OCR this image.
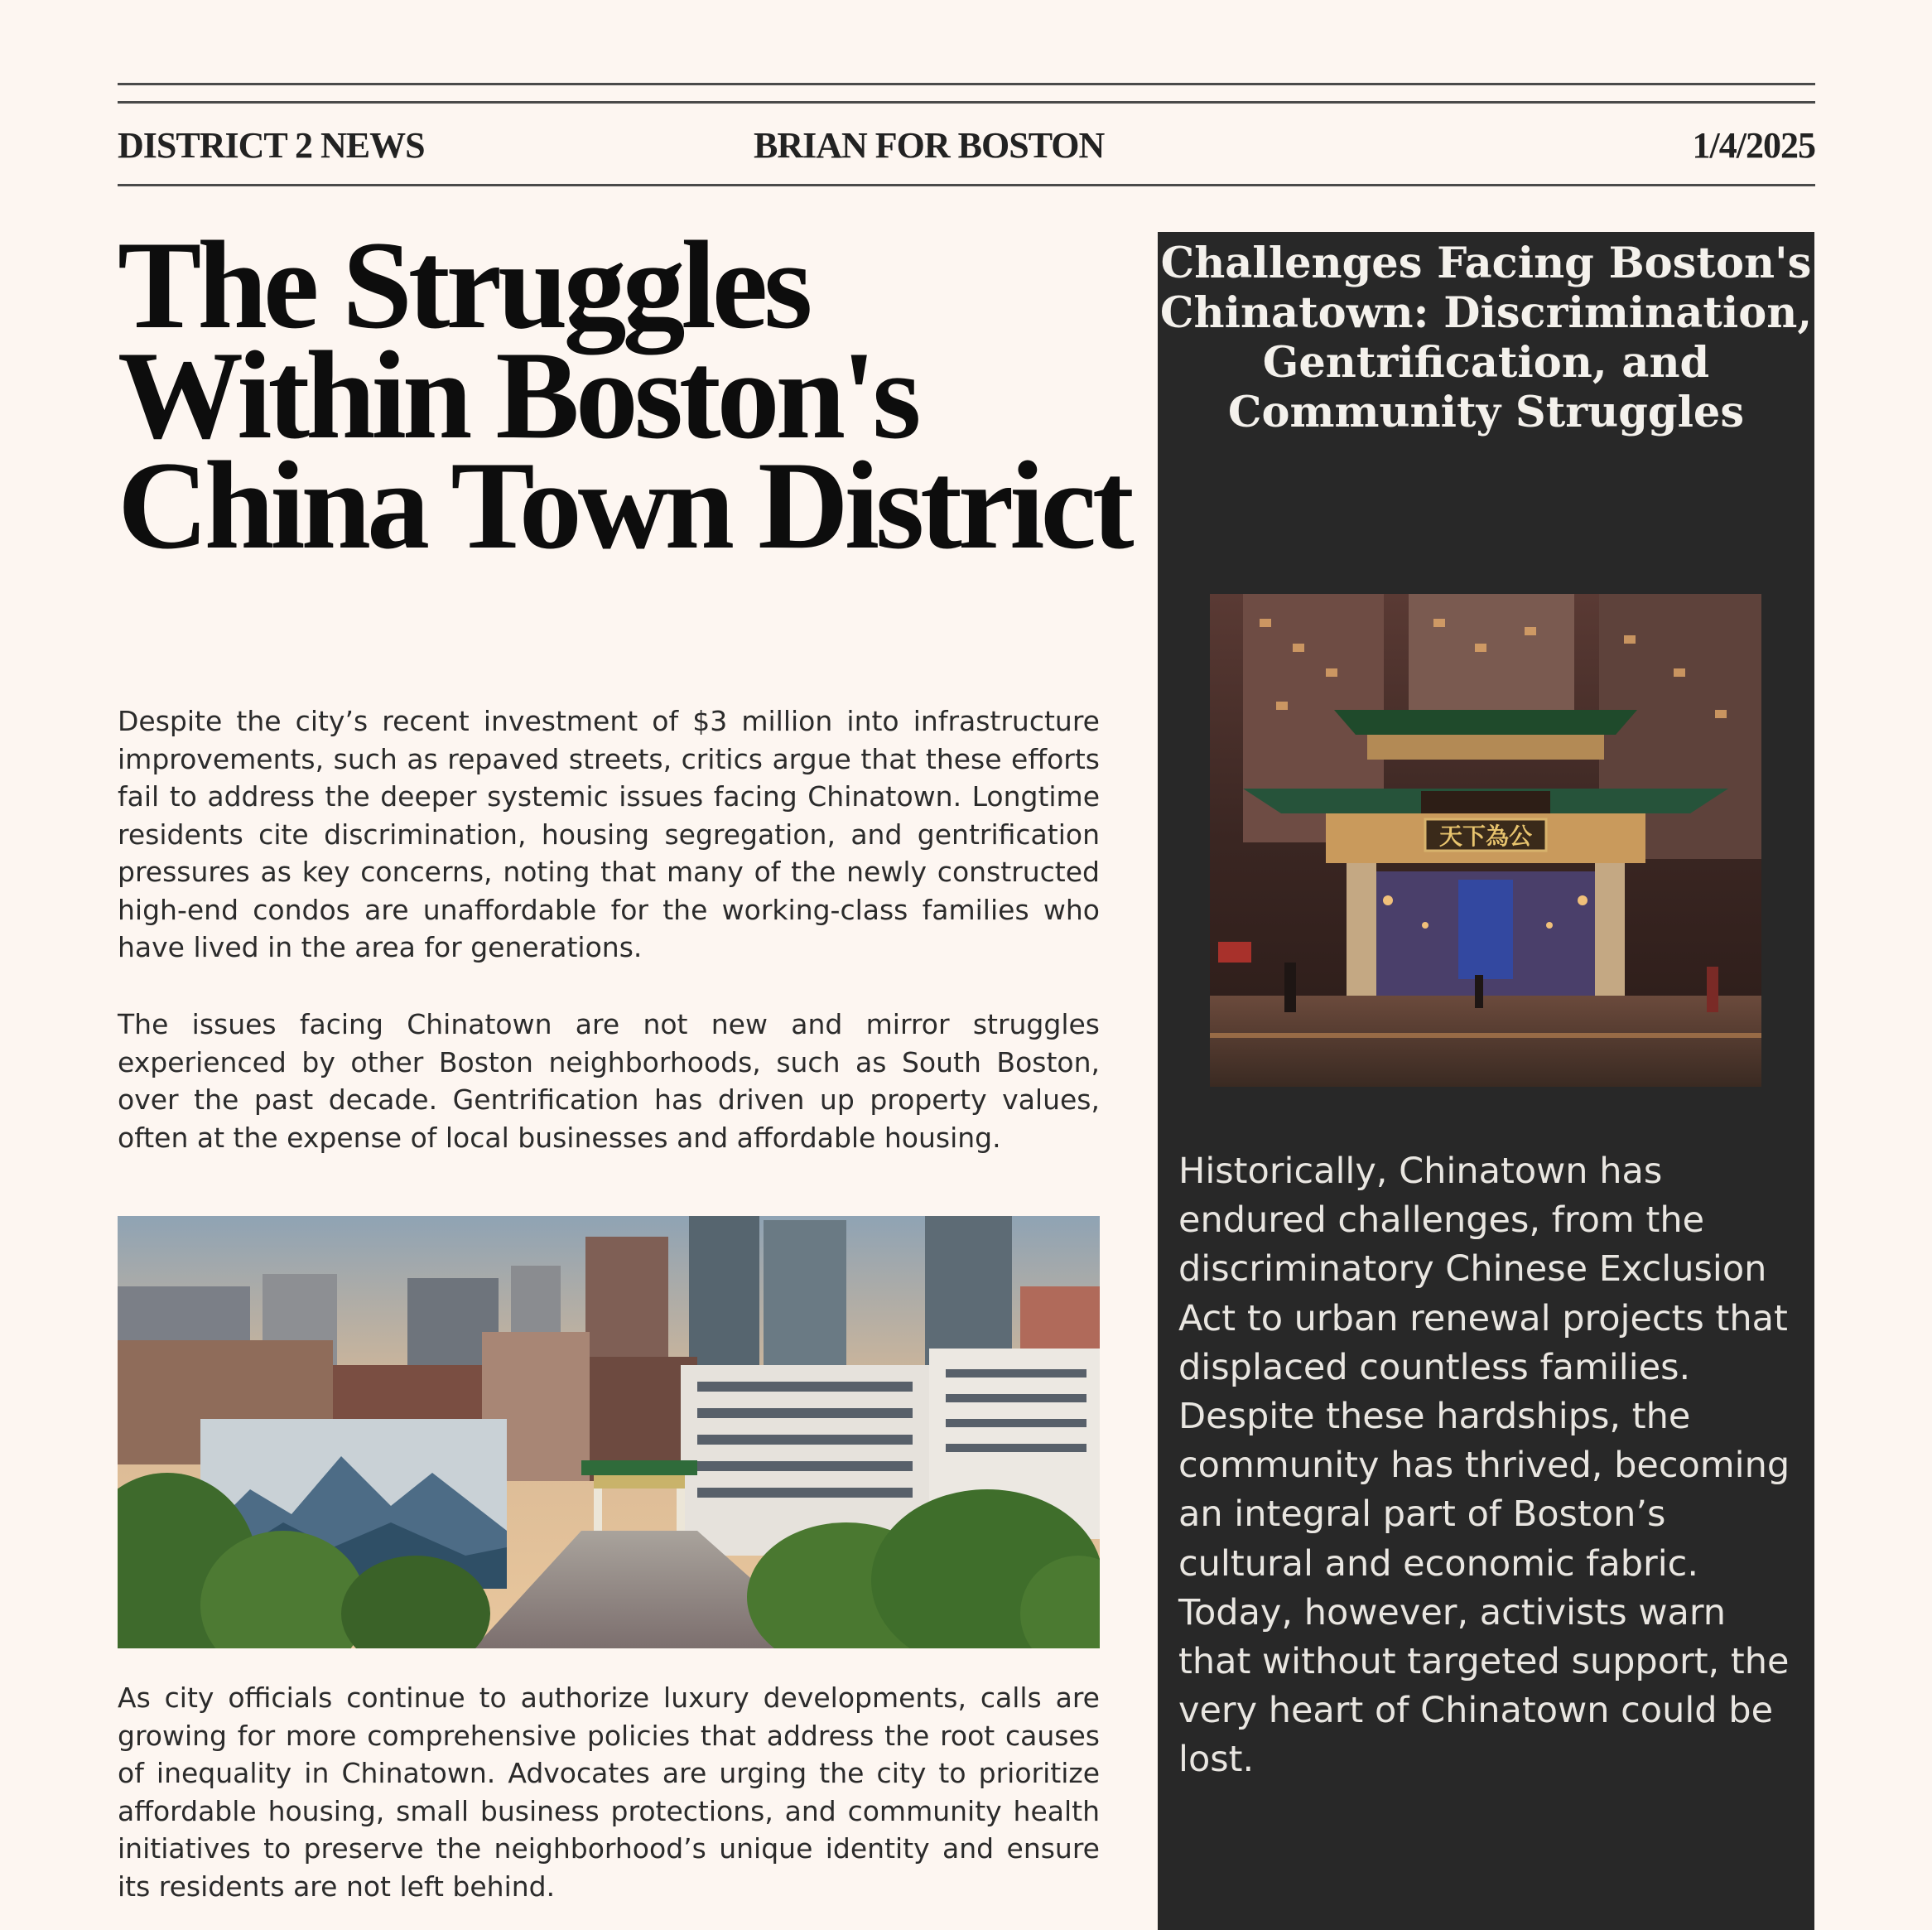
DISTRICT 2 NEWS	BRIAN FOR BOSTON	1/4/2025
The Struggles Within Boston's China Town District

Despite the city’s recent investment of $3 million into infrastructure improvements, such as repaved streets, critics argue that these efforts fail to address the deeper systemic issues facing Chinatown. Longtime residents cite discrimination, housing segregation, and gentrification pressures as key concerns, noting that many of the newly constructed high-end condos are unaffordable for the working-class families who have lived in the area for generations.

The issues facing Chinatown are not new and mirror struggles experienced by other Boston neighborhoods, such as South Boston, over the past decade. Gentrification has driven up property values, often at the expense of local businesses and affordable housing.

As city officials continue to authorize luxury developments, calls are growing for more comprehensive policies that address the root causes of inequality in Chinatown. Advocates are urging the city to prioritize affordable housing, small business protections, and community health initiatives to preserve the neighborhood’s unique identity and ensure its residents are not left behind.

Challenges Facing Boston's Chinatown: Discrimination, Gentrification, and Community Struggles
天下為公

Historically, Chinatown has endured challenges, from the discriminatory Chinese Exclusion Act to urban renewal projects that displaced countless families. Despite these hardships, the community has thrived, becoming an integral part of Boston’s cultural and economic fabric. Today, however, activists warn that without targeted support, the very heart of Chinatown could be lost.
